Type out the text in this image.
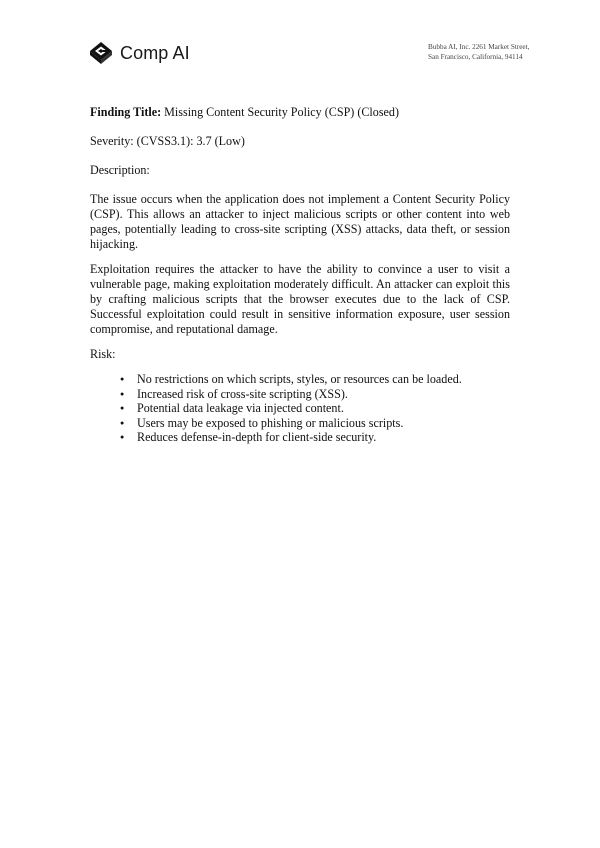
Comp AI	Bubba AI, Inc. 2261 Market Street,
San Francisco, California, 94114

Finding Title: Missing Content Security Policy (CSP) (Closed)

Severity: (CVSS3.1): 3.7 (Low)

Description:

The issue occurs when the application does not implement a Content Security Policy (CSP). This allows an attacker to inject malicious scripts or other content into web pages, potentially leading to cross-site scripting (XSS) attacks, data theft, or session hijacking.

Exploitation requires the attacker to have the ability to convince a user to visit a vulnerable page, making exploitation moderately difficult. An attacker can exploit this by crafting malicious scripts that the browser executes due to the lack of CSP. Successful exploitation could result in sensitive information exposure, user session compromise, and reputational damage.

Risk:

● No restrictions on which scripts, styles, or resources can be loaded.
● Increased risk of cross-site scripting (XSS).
● Potential data leakage via injected content.
● Users may be exposed to phishing or malicious scripts.
● Reduces defense-in-depth for client-side security.
